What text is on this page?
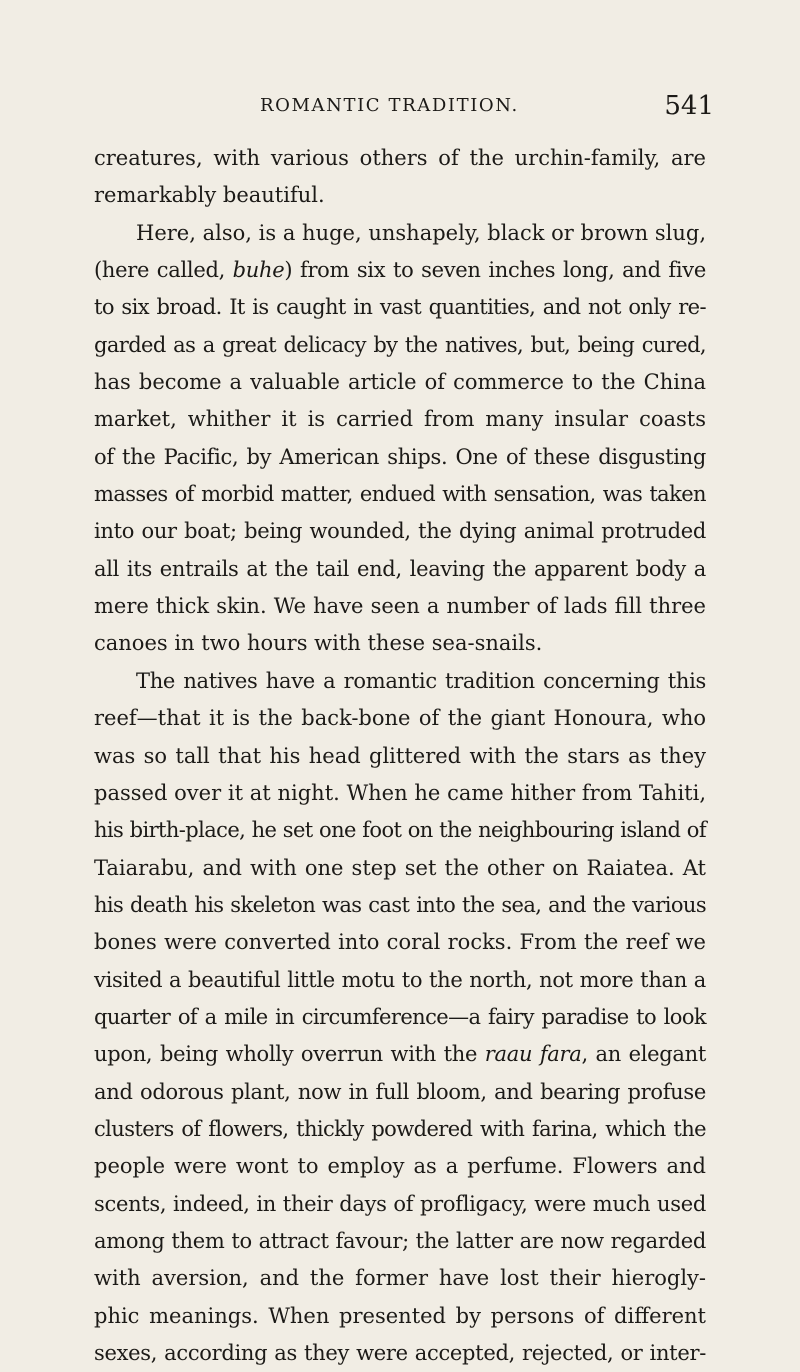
ROMANTIC TRADITION.	541
creatures, with various others of the urchin-family, are
remarkably beautiful.
Here, also, is a huge, unshapely, black or brown slug,
(here called, buhe) from six to seven inches long, and five
to six broad. It is caught in vast quantities, and not only re-
garded as a great delicacy by the natives, but, being cured,
has become a valuable article of commerce to the China
market, whither it is carried from many insular coasts
of the Pacific, by American ships. One of these disgusting
masses of morbid matter, endued with sensation, was taken
into our boat; being wounded, the dying animal protruded
all its entrails at the tail end, leaving the apparent body a
mere thick skin. We have seen a number of lads fill three
canoes in two hours with these sea-snails.
The natives have a romantic tradition concerning this
reef—that it is the back-bone of the giant Honoura, who
was so tall that his head glittered with the stars as they
passed over it at night. When he came hither from Tahiti,
his birth-place, he set one foot on the neighbouring island of
Taiarabu, and with one step set the other on Raiatea. At
his death his skeleton was cast into the sea, and the various
bones were converted into coral rocks. From the reef we
visited a beautiful little motu to the north, not more than a
quarter of a mile in circumference—a fairy paradise to look
upon, being wholly overrun with the raau fara, an elegant
and odorous plant, now in full bloom, and bearing profuse
clusters of flowers, thickly powdered with farina, which the
people were wont to employ as a perfume. Flowers and
scents, indeed, in their days of profligacy, were much used
among them to attract favour; the latter are now regarded
with aversion, and the former have lost their hierogly-
phic meanings. When presented by persons of different
sexes, according as they were accepted, rejected, or inter-
